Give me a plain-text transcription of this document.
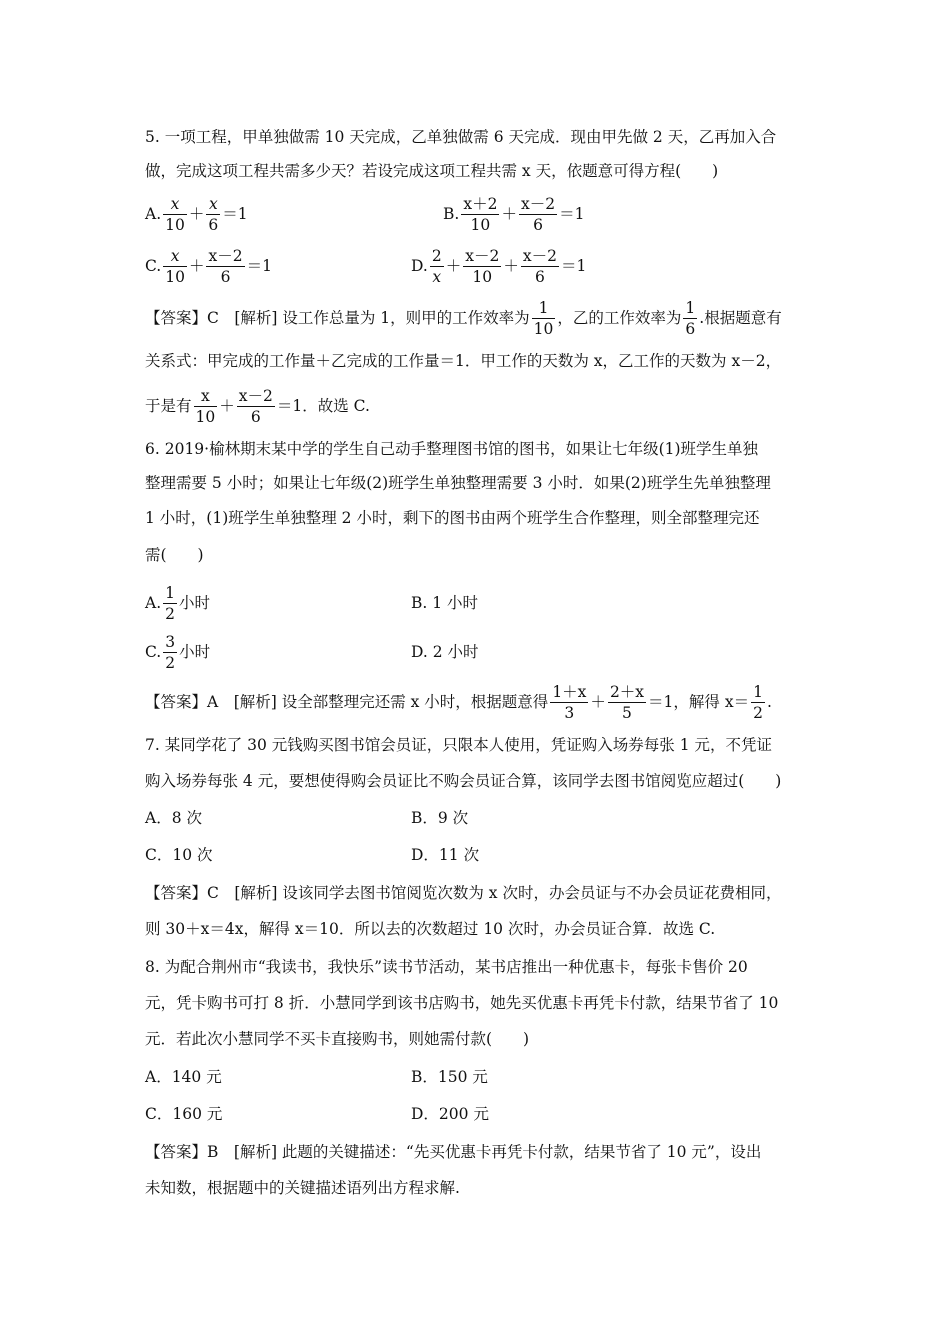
5. 一项工程，甲单独做需 10 天完成，乙单独做需 6 天完成．现由甲先做 2 天，乙再加入合
做，完成这项工程共需多少天？若设完成这项工程共需 x 天，依题意可得方程(　　)
A. $\frac{x}{10} + \frac{x}{6} =1$	B. $\frac{x+2}{10} + \frac{x-2}{6} =1$
C. $\frac{x}{10} + \frac{x-2}{6} =1$	D. $\frac{2}{x} + \frac{x-2}{10} + \frac{x-2}{6} =1$
【答案】C　[解析] 设工作总量为 1，则甲的工作效率为 $\frac{1}{10}$ ，乙的工作效率为 $\frac{1}{6}$ .根据题意有
关系式：甲完成的工作量＋乙完成的工作量＝1．甲工作的天数为 x，乙工作的天数为 x－2，
于是有 $\frac{x}{10} + \frac{x-2}{6} =1$．故选 C.
6. 2019·榆林期末某中学的学生自己动手整理图书馆的图书，如果让七年级(1)班学生单独
整理需要 5 小时；如果让七年级(2)班学生单独整理需要 3 小时．如果(2)班学生先单独整理
1 小时，(1)班学生单独整理 2 小时，剩下的图书由两个班学生合作整理，则全部整理完还
需(　　)
A. $\frac{1}{2}$ 小时	B. 1 小时
C. $\frac{3}{2}$ 小时	D. 2 小时
【答案】A　[解析] 设全部整理完还需 x 小时，根据题意得 $\frac{1+x}{3} + \frac{2+x}{5} =1$，解得 $x= \frac{1}{2}$ .
7. 某同学花了 30 元钱购买图书馆会员证，只限本人使用，凭证购入场券每张 1 元，不凭证
购入场券每张 4 元，要想使得购会员证比不购会员证合算，该同学去图书馆阅览应超过(　　)
A．8 次	B．9 次
C．10 次	D．11 次
【答案】C　[解析] 设该同学去图书馆阅览次数为 x 次时，办会员证与不办会员证花费相同，
则 30＋x＝4x，解得 x＝10．所以去的次数超过 10 次时，办会员证合算．故选 C.
8. 为配合荆州市“我读书，我快乐”读书节活动，某书店推出一种优惠卡，每张卡售价 20
元，凭卡购书可打 8 折．小慧同学到该书店购书，她先买优惠卡再凭卡付款，结果节省了 10
元．若此次小慧同学不买卡直接购书，则她需付款(　　)
A．140 元	B．150 元
C．160 元	D．200 元
【答案】B　[解析] 此题的关键描述：“先买优惠卡再凭卡付款，结果节省了 10 元”，设出
未知数，根据题中的关键描述语列出方程求解.
